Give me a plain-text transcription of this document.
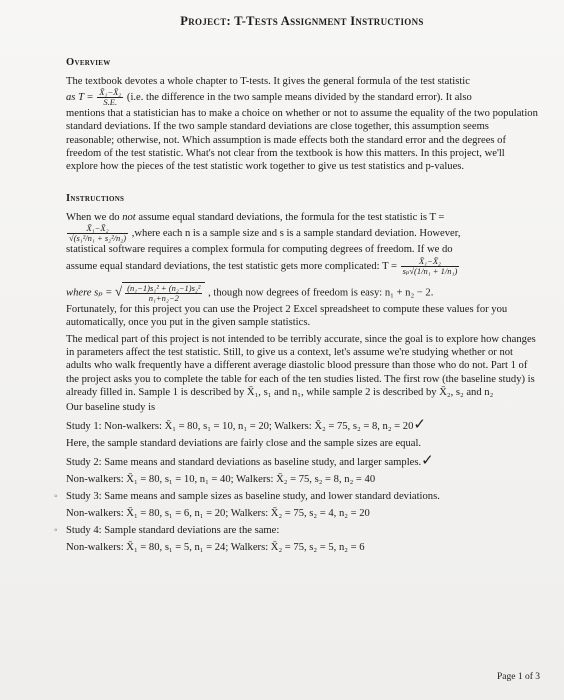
Project: T-Tests Assignment Instructions
Overview

The textbook devotes a whole chapter to T-tests. It gives the general formula of the test statistic

as $T = \frac{\text{X̄₁−X̄₂}}{S.E.} (i.e$. the difference in the two sample means divided by the standard error). It also

mentions that a statistician has to make a choice on whether or not to assume the equality of the two population standard deviations. If the two sample standard deviations are close together, this assumption seems reasonable; otherwise, not. Which assumption is made effects both the standard error and the degrees of freedom of the test statistic. What's not clear from the textbook is how this matters. In this project, we'll explore how the pieces of the test statistic work together to give us test statistics and p-values.

Instructions

When we do not assume equal standard deviations, the formula for the test statistic is T =

$\frac{\text{X̄₁−X̄₂}}{\text{√(s₁²/n₁ + s₂²/n₂)}}$ ,where each n is a sample size and s is a sample standard deviation. However,

statistical software requires a complex formula for computing degrees of freedom. If we do

assume equal standard deviations, the test statistic gets more complicated: $T = \frac{\text{X̄₁−X̄₂}}{\text{sₚ√(1/n₁ + 1/n₁)}}$

where sₚ = √ $\frac{\text{(n₁−1)s₁² + (n₂−1)s₂²}}{\text{n₁+n₂−2}}$ , though now degrees of freedom is easy: n₁ + n₂ − 2.

Fortunately, for this project you can use the Project 2 Excel spreadsheet to compute these values for you automatically, once you put in the given sample statistics.

The medical part of this project is not intended to be terribly accurate, since the goal is to explore how changes in parameters affect the test statistic. Still, to give us a context, let's assume we're studying whether or not adults who walk frequently have a different average diastolic blood pressure than those who do not. Part 1 of the project asks you to complete the table for each of the ten studies listed. The first row (the baseline study) is already filled in. Sample 1 is described by X̄₁, s₁ and n₁, while sample 2 is described by X̄₂, s₂ and n₂

Our baseline study is

Study 1: Non-walkers: X̄₁ = 80, s₁ = 10, n₁ = 20; Walkers: X̄₂ = 75, s₂ = 8, n₂ = 20✓

Here, the sample standard deviations are fairly close and the sample sizes are equal.

Study 2: Same means and standard deviations as baseline study, and larger samples.✓

Non-walkers: X̄₁ = 80, s₁ = 10, n₁ = 40; Walkers: X̄₂ = 75, s₂ = 8, n₂ = 40

◦ Study 3: Same means and sample sizes as baseline study, and lower standard deviations.

Non-walkers: X̄₁ = 80, s₁ = 6, n₁ = 20; Walkers: X̄₂ = 75, s₂ = 4, n₂ = 20

◦ Study 4: Sample standard deviations are the same:

Non-walkers: X̄₁ = 80, s₁ = 5, n₁ = 24; Walkers: X̄₂ = 75, s₂ = 5, n₂ = 6

Page 1 of 3
